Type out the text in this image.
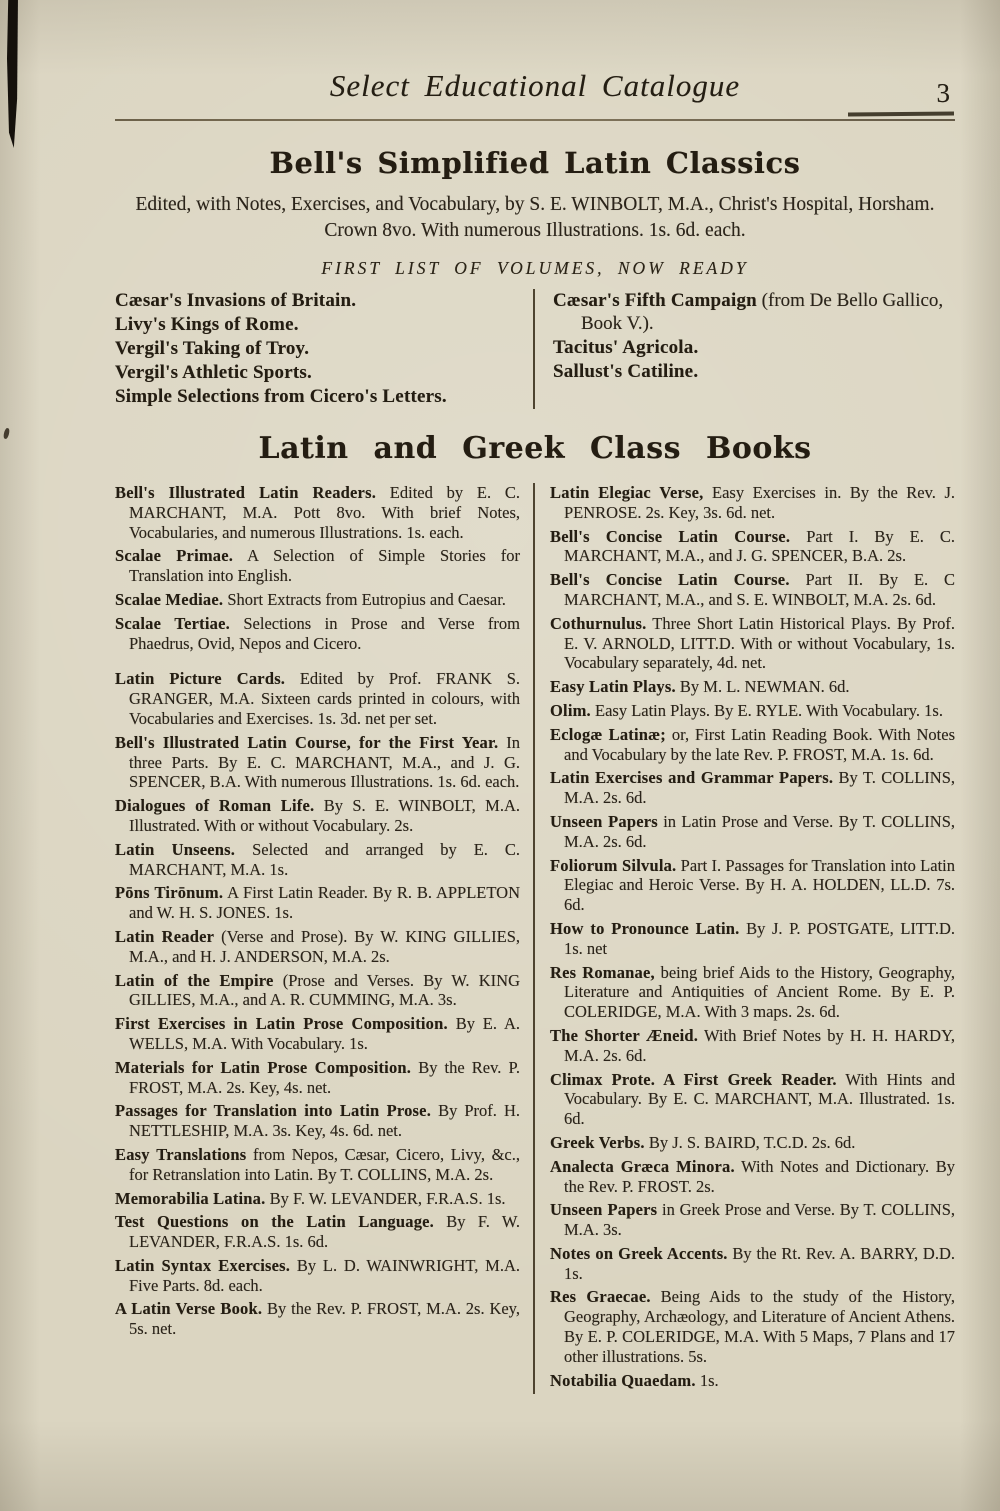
Select Educational Catalogue	3
Bell's Simplified Latin Classics

Edited, with Notes, Exercises, and Vocabulary, by S. E. WINBOLT, M.A., Christ's Hospital, Horsham. Crown 8vo. With numerous Illustrations. 1s. 6d. each.

FIRST LIST OF VOLUMES, NOW READY

Cæsar's Invasions of Britain.

Livy's Kings of Rome.

Vergil's Taking of Troy.

Vergil's Athletic Sports.

Simple Selections from Cicero's Letters.

Cæsar's Fifth Campaign (from De Bello Gallico, Book V.).

Tacitus' Agricola.

Sallust's Catiline.

Latin and Greek Class Books

Bell's Illustrated Latin Readers. Edited by E. C. MARCHANT, M.A. Pott 8vo. With brief Notes, Vocabularies, and numerous Illustrations. 1s. each.

Scalae Primae. A Selection of Simple Stories for Translation into English.

Scalae Mediae. Short Extracts from Eutropius and Caesar.

Scalae Tertiae. Selections in Prose and Verse from Phaedrus, Ovid, Nepos and Cicero.

Latin Picture Cards. Edited by Prof. FRANK S. GRANGER, M.A. Sixteen cards printed in colours, with Vocabularies and Exercises. 1s. 3d. net per set.

Bell's Illustrated Latin Course, for the First Year. In three Parts. By E. C. MARCHANT, M.A., and J. G. SPENCER, B.A. With numerous Illustrations. 1s. 6d. each.

Dialogues of Roman Life. By S. E. WINBOLT, M.A. Illustrated. With or without Vocabulary. 2s.

Latin Unseens. Selected and arranged by E. C. MARCHANT, M.A. 1s.

Pōns Tirōnum. A First Latin Reader. By R. B. APPLETON and W. H. S. JONES. 1s.

Latin Reader (Verse and Prose). By W. KING GILLIES, M.A., and H. J. ANDERSON, M.A. 2s.

Latin of the Empire (Prose and Verses. By W. KING GILLIES, M.A., and A. R. CUMMING, M.A. 3s.

First Exercises in Latin Prose Composition. By E. A. WELLS, M.A. With Vocabulary. 1s.

Materials for Latin Prose Composition. By the Rev. P. FROST, M.A. 2s. Key, 4s. net.

Passages for Translation into Latin Prose. By Prof. H. NETTLESHIP, M.A. 3s. Key, 4s. 6d. net.

Easy Translations from Nepos, Cæsar, Cicero, Livy, &c., for Retranslation into Latin. By T. COLLINS, M.A. 2s.

Memorabilia Latina. By F. W. LEVANDER, F.R.A.S. 1s.

Test Questions on the Latin Language. By F. W. LEVANDER, F.R.A.S. 1s. 6d.

Latin Syntax Exercises. By L. D. WAINWRIGHT, M.A. Five Parts. 8d. each.

A Latin Verse Book. By the Rev. P. FROST, M.A. 2s. Key, 5s. net.

Latin Elegiac Verse, Easy Exercises in. By the Rev. J. PENROSE. 2s. Key, 3s. 6d. net.

Bell's Concise Latin Course. Part I. By E. C. MARCHANT, M.A., and J. G. SPENCER, B.A. 2s.

Bell's Concise Latin Course. Part II. By E. C MARCHANT, M.A., and S. E. WINBOLT, M.A. 2s. 6d.

Cothurnulus. Three Short Latin Historical Plays. By Prof. E. V. ARNOLD, LITT.D. With or without Vocabulary, 1s. Vocabulary separately, 4d. net.

Easy Latin Plays. By M. L. NEWMAN. 6d.

Olim. Easy Latin Plays. By E. RYLE. With Vocabulary. 1s.

Eclogæ Latinæ; or, First Latin Reading Book. With Notes and Vocabulary by the late Rev. P. FROST, M.A. 1s. 6d.

Latin Exercises and Grammar Papers. By T. COLLINS, M.A. 2s. 6d.

Unseen Papers in Latin Prose and Verse. By T. COLLINS, M.A. 2s. 6d.

Foliorum Silvula. Part I. Passages for Translation into Latin Elegiac and Heroic Verse. By H. A. HOLDEN, LL.D. 7s. 6d.

How to Pronounce Latin. By J. P. POSTGATE, LITT.D. 1s. net

Res Romanae, being brief Aids to the History, Geography, Literature and Antiquities of Ancient Rome. By E. P. COLERIDGE, M.A. With 3 maps. 2s. 6d.

The Shorter Æneid. With Brief Notes by H. H. HARDY, M.A. 2s. 6d.

Climax Prote. A First Greek Reader. With Hints and Vocabulary. By E. C. MARCHANT, M.A. Illustrated. 1s. 6d.

Greek Verbs. By J. S. BAIRD, T.C.D. 2s. 6d.

Analecta Græca Minora. With Notes and Dictionary. By the Rev. P. FROST. 2s.

Unseen Papers in Greek Prose and Verse. By T. COLLINS, M.A. 3s.

Notes on Greek Accents. By the Rt. Rev. A. BARRY, D.D. 1s.

Res Graecae. Being Aids to the study of the History, Geography, Archæology, and Literature of Ancient Athens. By E. P. COLERIDGE, M.A. With 5 Maps, 7 Plans and 17 other illustrations. 5s.

Notabilia Quaedam. 1s.
